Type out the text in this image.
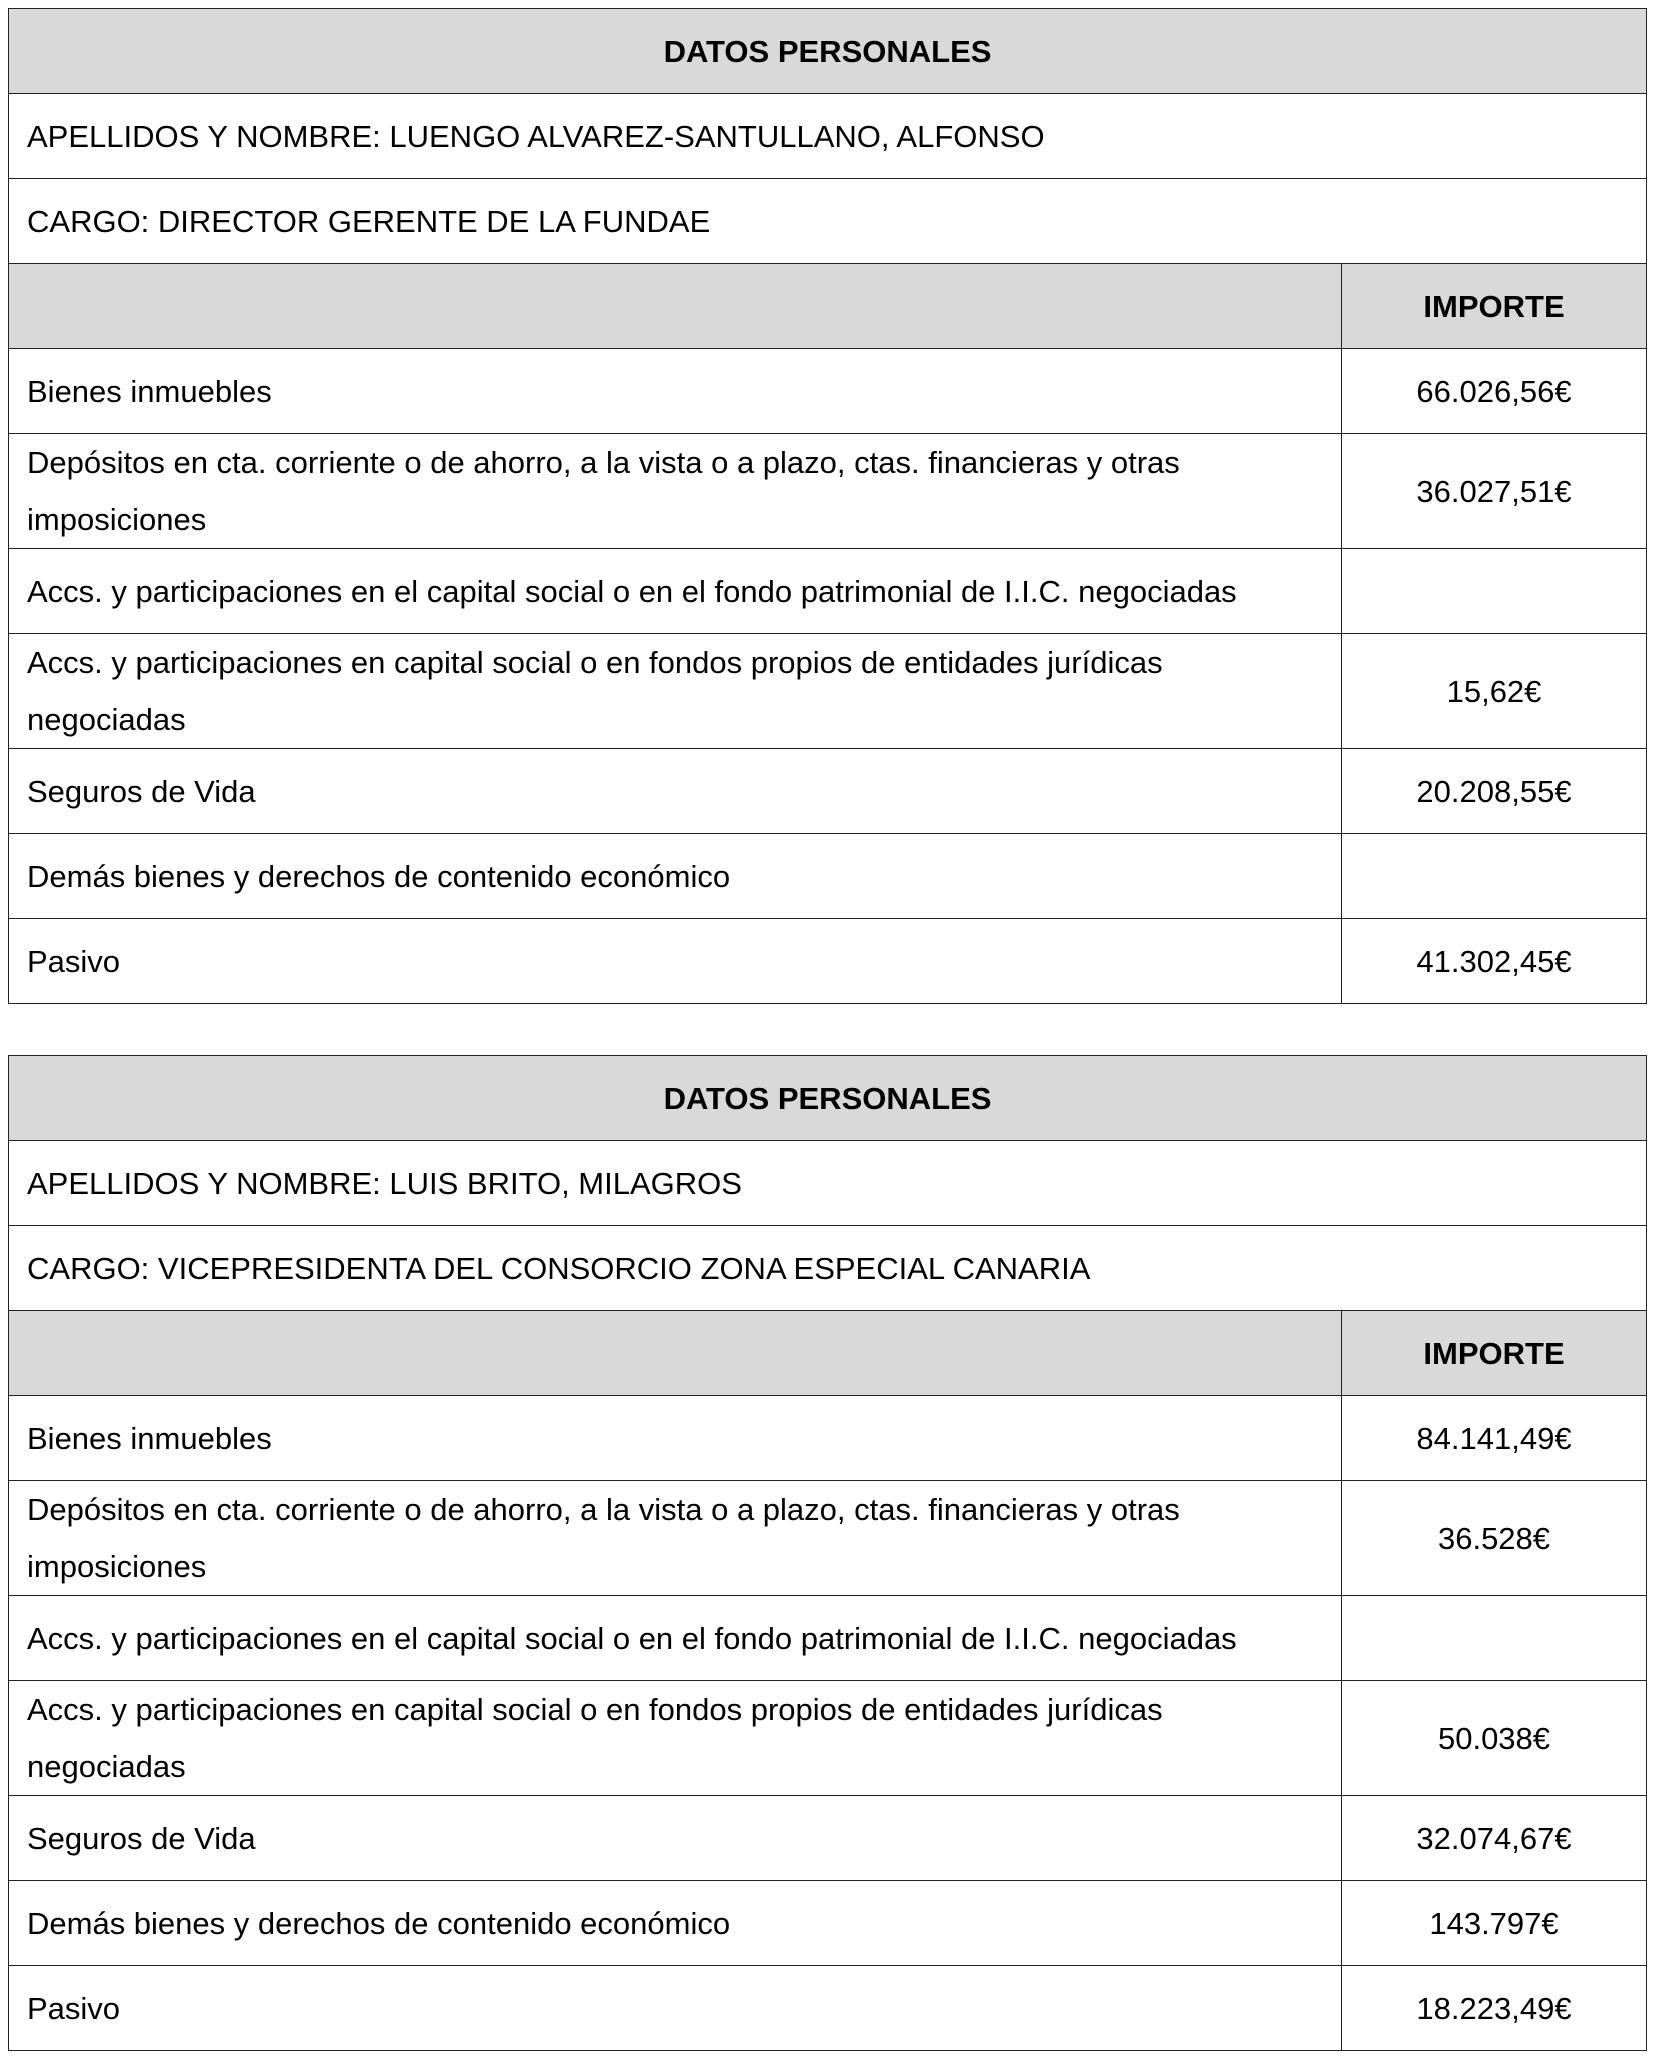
DATOS PERSONALES	
APELLIDOS Y NOMBRE: LUENGO ALVAREZ-SANTULLANO, ALFONSO	
CARGO: DIRECTOR GERENTE DE LA FUNDAE	
	IMPORTE
Bienes inmuebles	66.026,56€
Depósitos en cta. corriente o de ahorro, a la vista o a plazo, ctas. financieras y otras imposiciones	36.027,51€
Accs. y participaciones en el capital social o en el fondo patrimonial de I.I.C. negociadas	
Accs. y participaciones en capital social o en fondos propios de entidades jurídicas negociadas	15,62€
Seguros de Vida	20.208,55€
Demás bienes y derechos de contenido económico	
Pasivo	41.302,45€
DATOS PERSONALES	
APELLIDOS Y NOMBRE: LUIS BRITO, MILAGROS	
CARGO: VICEPRESIDENTA DEL CONSORCIO ZONA ESPECIAL CANARIA	
	IMPORTE
Bienes inmuebles	84.141,49€
Depósitos en cta. corriente o de ahorro, a la vista o a plazo, ctas. financieras y otras imposiciones	36.528€
Accs. y participaciones en el capital social o en el fondo patrimonial de I.I.C. negociadas	
Accs. y participaciones en capital social o en fondos propios de entidades jurídicas negociadas	50.038€
Seguros de Vida	32.074,67€
Demás bienes y derechos de contenido económico	143.797€
Pasivo	18.223,49€
